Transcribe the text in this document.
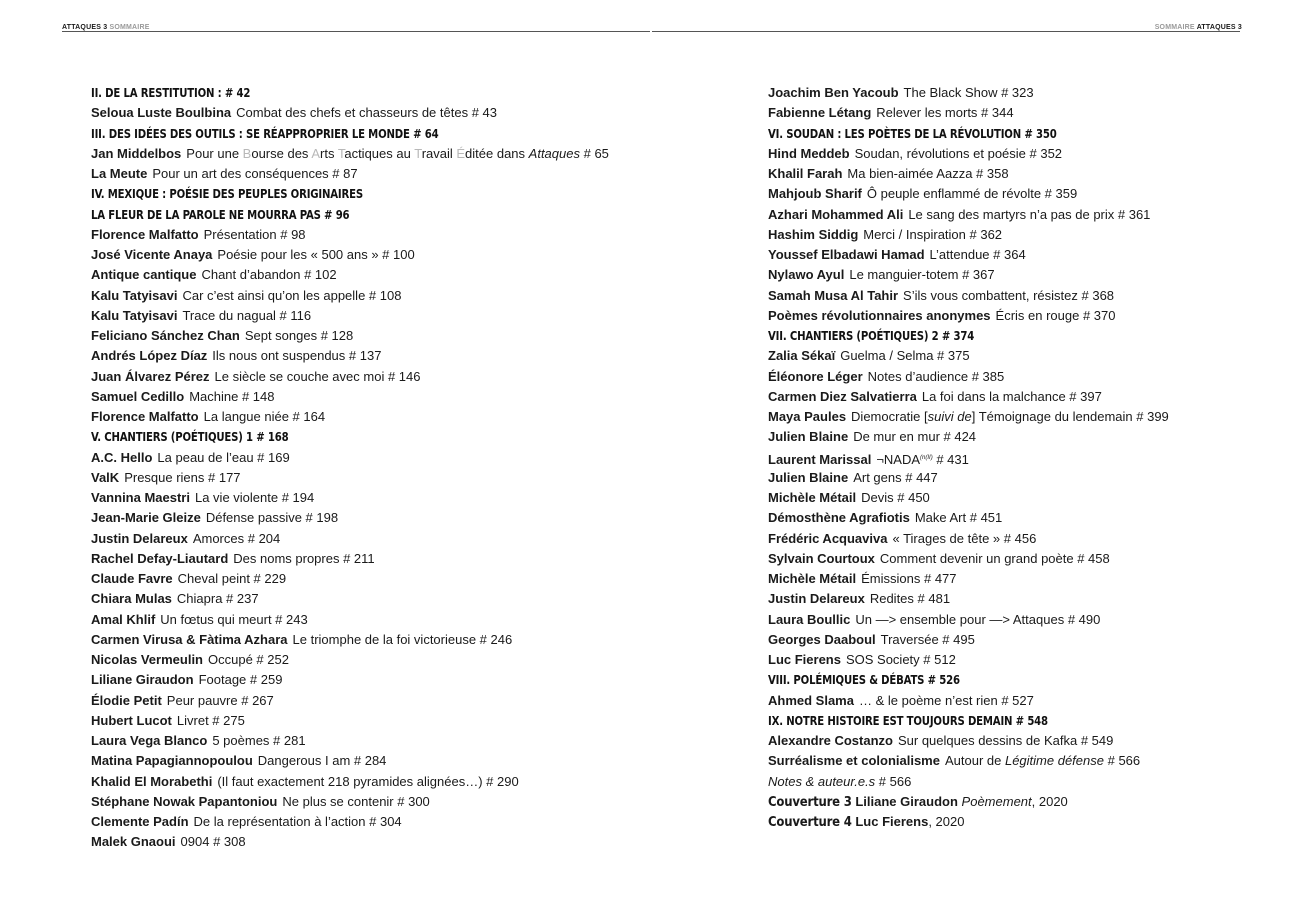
ATTAQUES 3 SOMMAIRE	SOMMAIRE ATTAQUES 3
II. DE LA RESTITUTION : # 42
Seloua Luste Boulbina Combat des chefs et chasseurs de têtes # 43
III. DES IDÉES DES OUTILS : SE RÉAPPROPRIER LE MONDE # 64
Jan Middelbos Pour une Bourse des Arts Tactiques au Travail Éditée dans Attaques # 65
La Meute Pour un art des conséquences # 87
IV. MEXIQUE : POÉSIE DES PEUPLES ORIGINAIRES
LA FLEUR DE LA PAROLE NE MOURRA PAS # 96
Florence Malfatto Présentation # 98
José Vicente Anaya Poésie pour les « 500 ans » # 100
Antique cantique Chant d’abandon # 102
Kalu Tatyisavi Car c’est ainsi qu’on les appelle # 108
Kalu Tatyisavi Trace du nagual # 116
Feliciano Sánchez Chan Sept songes # 128
Andrés López Díaz Ils nous ont suspendus # 137
Juan Álvarez Pérez Le siècle se couche avec moi # 146
Samuel Cedillo Machine # 148
Florence Malfatto La langue niée # 164
V. CHANTIERS (POÉTIQUES) 1 # 168
A.C. Hello La peau de l’eau # 169
ValK Presque riens # 177
Vannina Maestri La vie violente # 194
Jean-Marie Gleize Défense passive # 198
Justin Delareux Amorces # 204
Rachel Defay-Liautard Des noms propres # 211
Claude Favre Cheval peint # 229
Chiara Mulas Chiapra # 237
Amal Khlif Un fœtus qui meurt # 243
Carmen Virusa & Fàtima Azhara Le triomphe de la foi victorieuse # 246
Nicolas Vermeulin Occupé # 252
Liliane Giraudon Footage # 259
Élodie Petit Peur pauvre # 267
Hubert Lucot Livret # 275
Laura Vega Blanco 5 poèmes # 281
Matina Papagiannopoulou Dangerous I am # 284
Khalid El Morabethi (Il faut exactement 218 pyramides alignées…) # 290
Stéphane Nowak Papantoniou Ne plus se contenir # 300
Clemente Padín De la représentation à l’action # 304
Malek Gnaoui 0904 # 308
Joachim Ben Yacoub The Black Show # 323
Fabienne Létang Relever les morts # 344
VI. SOUDAN : LES POÈTES DE LA RÉVOLUTION # 350
Hind Meddeb Soudan, révolutions et poésie # 352
Khalil Farah Ma bien-aimée Aazza # 358
Mahjoub Sharif Ô peuple enflammé de révolte # 359
Azhari Mohammed Ali Le sang des martyrs n’a pas de prix # 361
Hashim Siddig Merci / Inspiration # 362
Youssef Elbadawi Hamad L’attendue # 364
Nylawo Ayul Le manguier-totem # 367
Samah Musa Al Tahir S’ils vous combattent, résistez # 368
Poèmes révolutionnaires anonymes Écris en rouge # 370
VII. CHANTIERS (POÉTIQUES) 2 # 374
Zalia Sékaï Guelma / Selma # 375
Éléonore Léger Notes d’audience # 385
Carmen Diez Salvatierra La foi dans la malchance # 397
Maya Paules Diemocratie [suivi de] Témoignage du lendemain # 399
Julien Blaine De mur en mur # 424
Laurent Marissal $\neg NADA^{(n(II)}$ # 431
Julien Blaine Art gens # 447
Michèle Métail Devis # 450
Démosthène Agrafiotis Make Art # 451
Frédéric Acquaviva « Tirages de tête » # 456
Sylvain Courtoux Comment devenir un grand poète # 458
Michèle Métail Émissions # 477
Justin Delareux Redites # 481
Laura Boullic Un —> ensemble pour —> Attaques # 490
Georges Daaboul Traversée # 495
Luc Fierens SOS Society # 512
VIII. POLÉMIQUES & DÉBATS # 526
Ahmed Slama … & le poème n’est rien # 527
IX. NOTRE HISTOIRE EST TOUJOURS DEMAIN # 548
Alexandre Costanzo Sur quelques dessins de Kafka # 549
Surréalisme et colonialisme Autour de Légitime défense # 566
Notes & auteur.e.s # 566
Couverture 3 Liliane Giraudon Poèmement, 2020
Couverture 4 Luc Fierens, 2020
